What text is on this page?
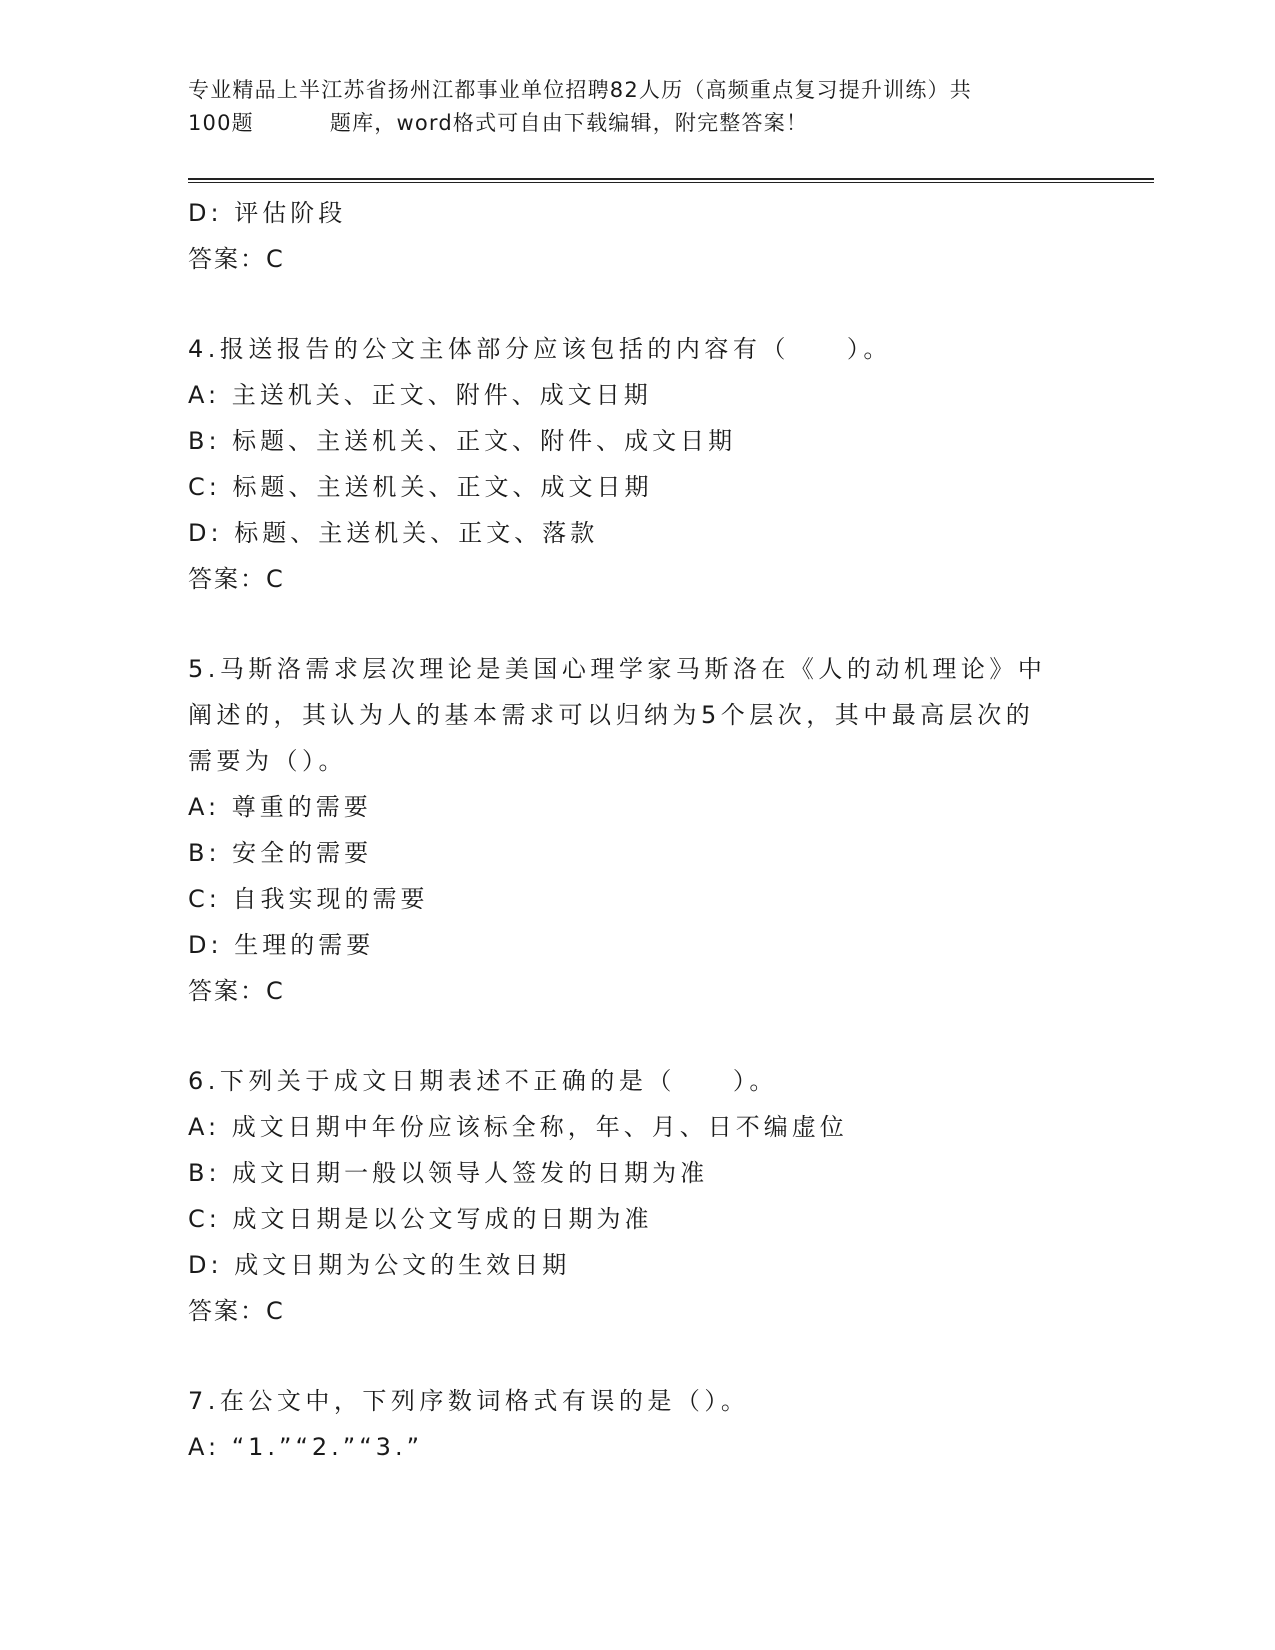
专业精品上半江苏省扬州江都事业单位招聘82人历（高频重点复习提升训练）共
100题	题库，word格式可自由下载编辑，附完整答案！
D: 评估阶段
答案：C
4.报送报告的公文主体部分应该包括的内容有（　　）。
A: 主送机关、正文、附件、成文日期
B: 标题、主送机关、正文、附件、成文日期
C: 标题、主送机关、正文、成文日期
D: 标题、主送机关、正文、落款
答案：C
5.马斯洛需求层次理论是美国心理学家马斯洛在《人的动机理论》中
阐述的，其认为人的基本需求可以归纳为5个层次，其中最高层次的
需要为（）。
A: 尊重的需要
B: 安全的需要
C: 自我实现的需要
D: 生理的需要
答案：C
6.下列关于成文日期表述不正确的是（　　）。
A: 成文日期中年份应该标全称，年、月、日不编虚位
B: 成文日期一般以领导人签发的日期为准
C: 成文日期是以公文写成的日期为准
D: 成文日期为公文的生效日期
答案：C
7.在公文中，下列序数词格式有误的是（）。
A: “1.”“2.”“3.”
